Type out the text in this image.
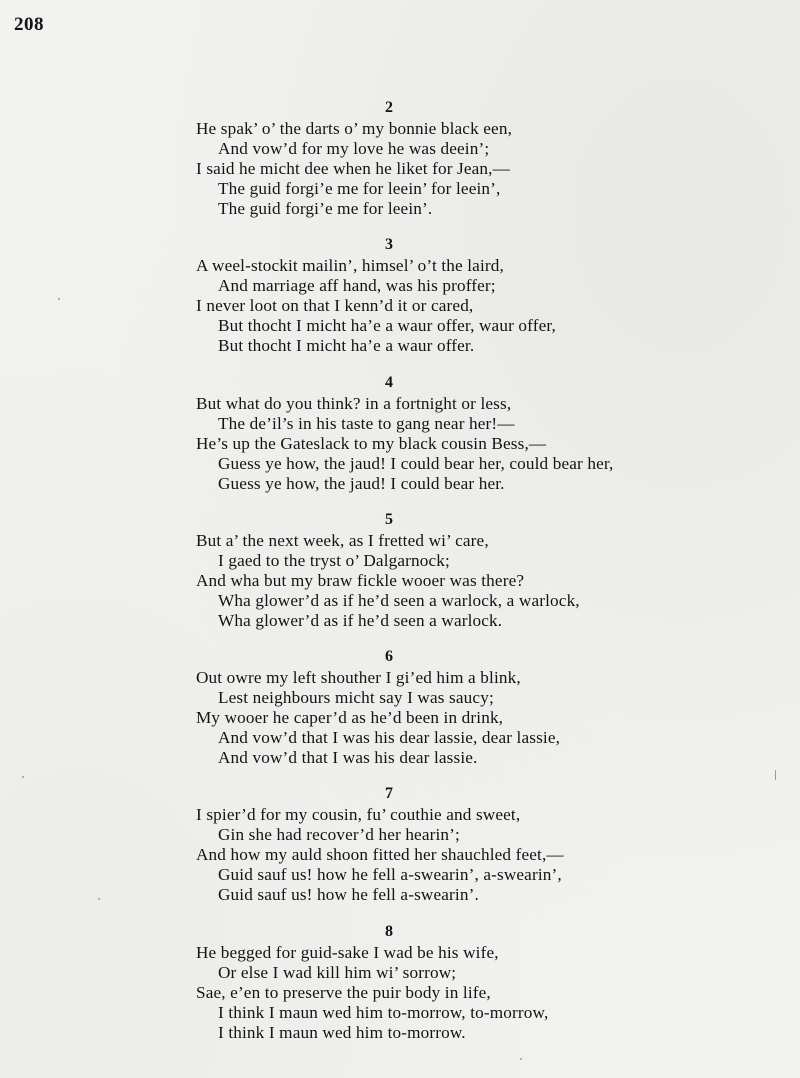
208

2
He spak’ o’ the darts o’ my bonnie black een,
And vow’d for my love he was deein’;
I said he micht dee when he liket for Jean,—
The guid forgi’e me for leein’ for leein’,
The guid forgi’e me for leein’.
3
A weel-stockit mailin’, himsel’ o’t the laird,
And marriage aff hand, was his proffer;
I never loot on that I kenn’d it or cared,
But thocht I micht ha’e a waur offer, waur offer,
But thocht I micht ha’e a waur offer.
4
But what do you think? in a fortnight or less,
The de’il’s in his taste to gang near her!—
He’s up the Gateslack to my black cousin Bess,—
Guess ye how, the jaud! I could bear her, could bear her,
Guess ye how, the jaud! I could bear her.
5
But a’ the next week, as I fretted wi’ care,
I gaed to the tryst o’ Dalgarnock;
And wha but my braw fickle wooer was there?
Wha glower’d as if he’d seen a warlock, a warlock,
Wha glower’d as if he’d seen a warlock.
6
Out owre my left shouther I gi’ed him a blink,
Lest neighbours micht say I was saucy;
My wooer he caper’d as he’d been in drink,
And vow’d that I was his dear lassie, dear lassie,
And vow’d that I was his dear lassie.
7
I spier’d for my cousin, fu’ couthie and sweet,
Gin she had recover’d her hearin’;
And how my auld shoon fitted her shauchled feet,—
Guid sauf us! how he fell a-swearin’, a-swearin’,
Guid sauf us! how he fell a-swearin’.
8
He begged for guid-sake I wad be his wife,
Or else I wad kill him wi’ sorrow;
Sae, e’en to preserve the puir body in life,
I think I maun wed him to-morrow, to-morrow,
I think I maun wed him to-morrow.
